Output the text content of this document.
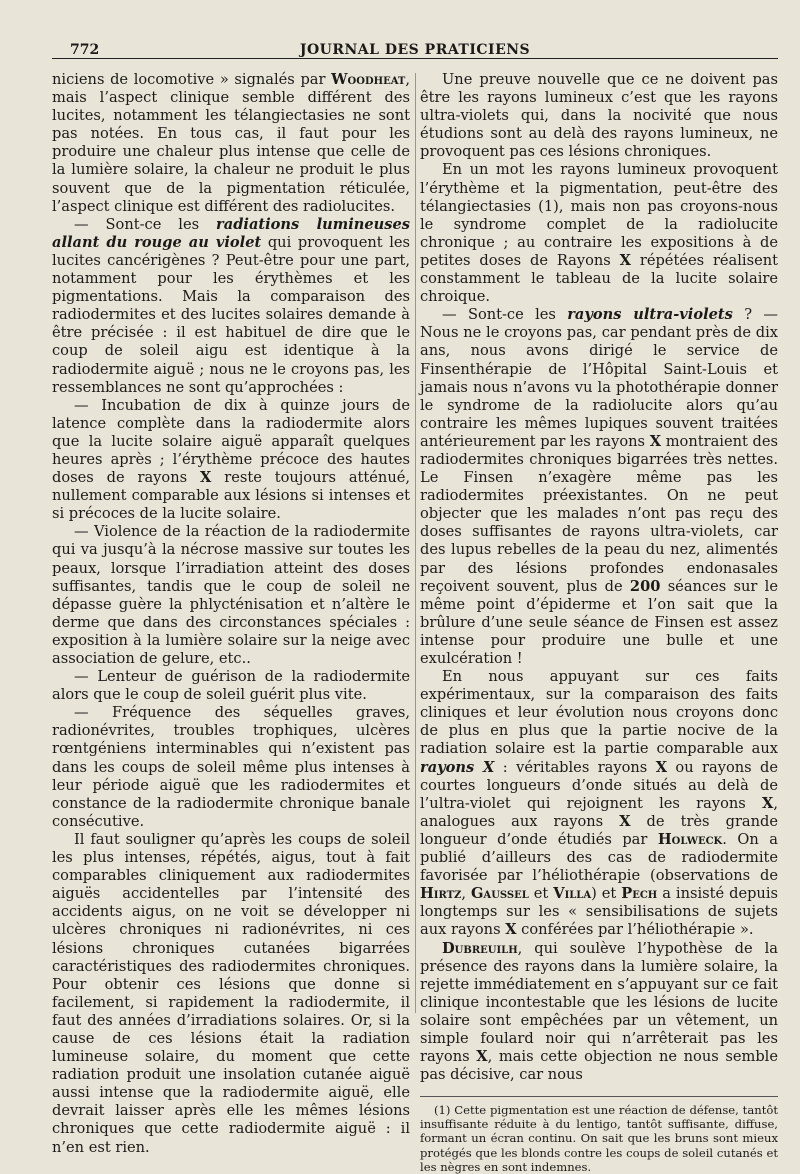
772	JOURNAL DES PRATICIENS

niciens de locomotive » signalés par Woodheat, mais l’aspect clinique semble différent des lucites, notamment les télangiectasies ne sont pas notées. En tous cas, il faut pour les produire une chaleur plus intense que celle de la lumière solaire, la chaleur ne produit le plus souvent que de la pigmentation réticulée, l’aspect clinique est différent des radiolucites.

— Sont-ce les radiations lumineuses allant du rouge au violet qui provoquent les lucites cancérigènes ? Peut-être pour une part, notamment pour les érythèmes et les pigmentations. Mais la comparaison des radiodermites et des lucites solaires demande à être précisée : il est habituel de dire que le coup de soleil aigu est identique à la radiodermite aiguë ; nous ne le croyons pas, les ressemblances ne sont qu’approchées :

— Incubation de dix à quinze jours de latence complète dans la radiodermite alors que la lucite solaire aiguë apparaît quelques heures après ; l’érythème précoce des hautes doses de rayons X reste toujours atténué, nullement comparable aux lésions si intenses et si précoces de la lucite solaire.

— Violence de la réaction de la radiodermite qui va jusqu’à la nécrose massive sur toutes les peaux, lorsque l’irradiation atteint des doses suffisantes, tandis que le coup de soleil ne dépasse guère la phlycténisation et n’altère le derme que dans des circonstances spéciales : exposition à la lumière solaire sur la neige avec association de gelure, etc..

— Lenteur de guérison de la radiodermite alors que le coup de soleil guérit plus vite.

— Fréquence des séquelles graves, radionévrites, troubles trophiques, ulcères rœntgéniens interminables qui n’existent pas dans les coups de soleil même plus intenses à leur période aiguë que les radiodermites et constance de la radiodermite chronique banale consécutive.

Il faut souligner qu’après les coups de soleil les plus intenses, répétés, aigus, tout à fait comparables cliniquement aux radiodermites aiguës accidentelles par l’intensité des accidents aigus, on ne voit se développer ni ulcères chroniques ni radionévrites, ni ces lésions chroniques cutanées bigarrées caractéristiques des radiodermites chroniques. Pour obtenir ces lésions que donne si facilement, si rapidement la radiodermite, il faut des années d’irradiations solaires. Or, si la cause de ces lésions était la radiation lumineuse solaire, du moment que cette radiation produit une insolation cutanée aiguë aussi intense que la radiodermite aiguë, elle devrait laisser après elle les mêmes lésions chroniques que cette radiodermite aiguë : il n’en est rien.

Une preuve nouvelle que ce ne doivent pas être les rayons lumineux c’est que les rayons ultra-violets qui, dans la nocivité que nous étudions sont au delà des rayons lumineux, ne provoquent pas ces lésions chroniques.

En un mot les rayons lumineux provoquent l’érythème et la pigmentation, peut-être des télangiectasies (1), mais non pas croyons-nous le syndrome complet de la radiolucite chronique ; au contraire les expositions à de petites doses de Rayons X répétées réalisent constamment le tableau de la lucite solaire chroique.

— Sont-ce les rayons ultra-violets ? — Nous ne le croyons pas, car pendant près de dix ans, nous avons dirigé le service de Finsenthérapie de l’Hôpital Saint-Louis et jamais nous n’avons vu la photothérapie donner le syndrome de la radiolucite alors qu’au contraire les mêmes lupiques souvent traitées antérieurement par les rayons X montraient des radiodermites chroniques bigarrées très nettes. Le Finsen n’exagère même pas les radiodermites préexistantes. On ne peut objecter que les malades n’ont pas reçu des doses suffisantes de rayons ultra-violets, car des lupus rebelles de la peau du nez, alimentés par des lésions profondes endonasales reçoivent souvent, plus de 200 séances sur le même point d’épiderme et l’on sait que la brûlure d’une seule séance de Finsen est assez intense pour produire une bulle et une exulcération !

En nous appuyant sur ces faits expérimentaux, sur la comparaison des faits cliniques et leur évolution nous croyons donc de plus en plus que la partie nocive de la radiation solaire est la partie comparable aux rayons X : véritables rayons X ou rayons de courtes longueurs d’onde situés au delà de l’ultra-violet qui rejoignent les rayons X, analogues aux rayons X de très grande longueur d’onde étudiés par Holweck. On a publié d’ailleurs des cas de radiodermite favorisée par l’héliothérapie (observations de Hirtz, Gaussel et Villa) et Pech a insisté depuis longtemps sur les « sensibilisations de sujets aux rayons X conférées par l’héliothérapie ».

Dubreuilh, qui soulève l’hypothèse de la présence des rayons dans la lumière solaire, la rejette immédiatement en s’appuyant sur ce fait clinique incontestable que les lésions de lucite solaire sont empêchées par un vêtement, un simple foulard noir qui n’arrêterait pas les rayons X, mais cette objection ne nous semble pas décisive, car nous

(1) Cette pigmentation est une réaction de défense, tantôt insuffisante réduite à du lentigo, tantôt suffisante, diffuse, formant un écran continu. On sait que les bruns sont mieux protégés que les blonds contre les coups de soleil cutanés et les nègres en sont indemnes.
